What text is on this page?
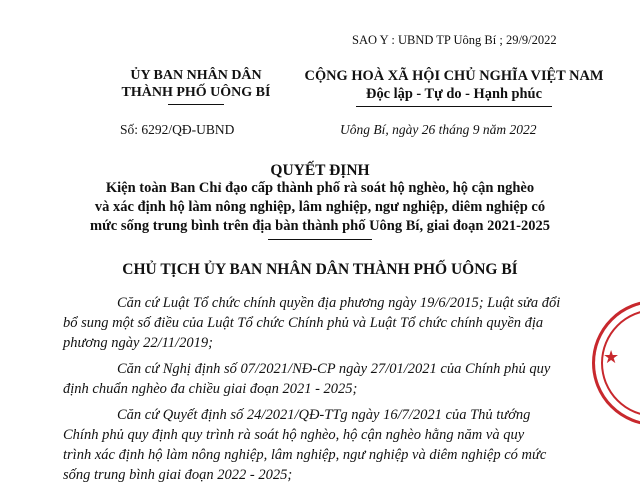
SAO Y : UBND TP Uông Bí ; 29/9/2022
ỦY BAN NHÂN DÂN
THÀNH PHỐ UÔNG BÍ
CỘNG HOÀ XÃ HỘI CHỦ NGHĨA VIỆT NAM
Độc lập - Tự do - Hạnh phúc
Số: 6292/QĐ-UBND	Uông Bí, ngày 26 tháng 9 năm 2022
QUYẾT ĐỊNH
Kiện toàn Ban Chỉ đạo cấp thành phố rà soát hộ nghèo, hộ cận nghèo
và xác định hộ làm nông nghiệp, lâm nghiệp, ngư nghiệp, diêm nghiệp có
mức sống trung bình trên địa bàn thành phố Uông Bí, giai đoạn 2021-2025
CHỦ TỊCH ỦY BAN NHÂN DÂN THÀNH PHỐ UÔNG BÍ
Căn cứ Luật Tổ chức chính quyền địa phương ngày 19/6/2015; Luật sửa đổi
bổ sung một số điều của Luật Tổ chức Chính phủ và Luật Tổ chức chính quyền địa
phương ngày 22/11/2019;
Căn cứ Nghị định số 07/2021/NĐ-CP ngày 27/01/2021 của Chính phủ quy
định chuẩn nghèo đa chiều giai đoạn 2021 - 2025;
Căn cứ Quyết định số 24/2021/QĐ-TTg ngày 16/7/2021 của Thủ tướng
Chính phủ quy định quy trình rà soát hộ nghèo, hộ cận nghèo hằng năm và quy
trình xác định hộ làm nông nghiệp, lâm nghiệp, ngư nghiệp và diêm nghiệp có mức
sống trung bình giai đoạn 2022 - 2025;
★
